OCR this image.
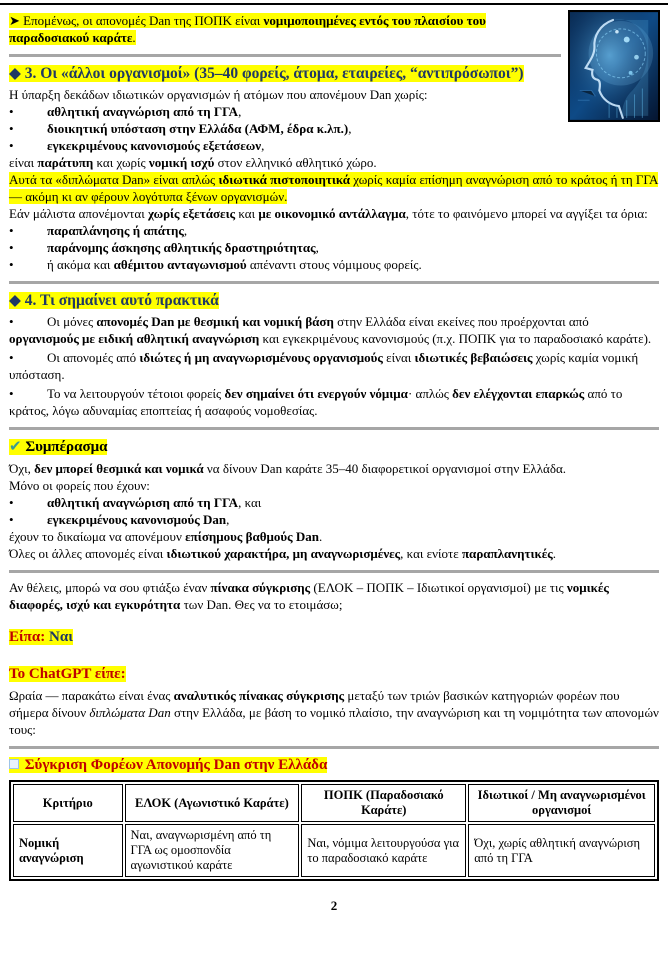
➤ Επομένως, οι απονομές Dan της ΠΟΠΚ είναι νομιμοποιημένες εντός του πλαισίου του παραδοσιακού καράτε.

◆ 3. Οι «άλλοι οργανισμοί» (35–40 φορείς, άτομα, εταιρείες, “αντιπρόσωποι”)

Η ύπαρξη δεκάδων ιδιωτικών οργανισμών ή ατόμων που απονέμουν Dan χωρίς:

•	αθλητική αναγνώριση από τη ΓΓΑ,
•	διοικητική υπόσταση στην Ελλάδα (ΑΦΜ, έδρα κ.λπ.),
•	εγκεκριμένους κανονισμούς εξετάσεων,

είναι παράτυπη και χωρίς νομική ισχύ στον ελληνικό αθλητικό χώρο.

Αυτά τα «διπλώματα Dan» είναι απλώς ιδιωτικά πιστοποιητικά χωρίς καμία επίσημη αναγνώριση από το κράτος ή τη ΓΓΑ — ακόμη κι αν φέρουν λογότυπα ξένων οργανισμών.

Εάν μάλιστα απονέμονται χωρίς εξετάσεις και με οικονομικό αντάλλαγμα, τότε το φαινόμενο μπορεί να αγγίξει τα όρια:

•	παραπλάνησης ή απάτης,
•	παράνομης άσκησης αθλητικής δραστηριότητας,
•	ή ακόμα και αθέμιτου ανταγωνισμού απέναντι στους νόμιμους φορείς.
◆ 4. Τι σημαίνει αυτό πρακτικά
•	Οι μόνες απονομές Dan με θεσμική και νομική βάση στην Ελλάδα είναι εκείνες που προέρχονται από οργανισμούς με ειδική αθλητική αναγνώριση και εγκεκριμένους κανονισμούς (π.χ. ΠΟΠΚ για το παραδοσιακό καράτε).
•	Οι απονομές από ιδιώτες ή μη αναγνωρισμένους οργανισμούς είναι ιδιωτικές βεβαιώσεις χωρίς καμία νομική υπόσταση.
•	Το να λειτουργούν τέτοιοι φορείς δεν σημαίνει ότι ενεργούν νόμιμα· απλώς δεν ελέγχονται επαρκώς από το κράτος, λόγω αδυναμίας εποπτείας ή ασαφούς νομοθεσίας.
✔ Συμπέρασμα

Όχι, δεν μπορεί θεσμικά και νομικά να δίνουν Dan καράτε 35–40 διαφορετικοί οργανισμοί στην Ελλάδα.

Μόνο οι φορείς που έχουν:

•	αθλητική αναγνώριση από τη ΓΓΑ, και
•	εγκεκριμένους κανονισμούς Dan,

έχουν το δικαίωμα να απονέμουν επίσημους βαθμούς Dan.

Όλες οι άλλες απονομές είναι ιδιωτικού χαρακτήρα, μη αναγνωρισμένες, και ενίοτε παραπλανητικές.

Αν θέλεις, μπορώ να σου φτιάξω έναν πίνακα σύγκρισης (ΕΛΟΚ – ΠΟΠΚ – Ιδιωτικοί οργανισμοί) με τις νομικές διαφορές, ισχύ και εγκυρότητα των Dan. Θες να το ετοιμάσω;

Είπα: Ναι
Το ChatGPT είπε:

Ωραία — παρακάτω είναι ένας αναλυτικός πίνακας σύγκρισης μεταξύ των τριών βασικών κατηγοριών φορέων που σήμερα δίνουν διπλώματα Dan στην Ελλάδα, με βάση το νομικό πλαίσιο, την αναγνώριση και τη νομιμότητα των απονομών τους:

Σύγκριση Φορέων Απονομής Dan στην Ελλάδα
Κριτήριο	ΕΛΟΚ (Αγωνιστικό Καράτε)	ΠΟΠΚ (Παραδοσιακό Καράτε)	Ιδιωτικοί / Μη αναγνωρισμένοι οργανισμοί
Νομική αναγνώριση	Ναι, αναγνωρισμένη από τη ΓΓΑ ως ομοσπονδία αγωνιστικού καράτε	Ναι, νόμιμα λειτουργούσα για το παραδοσιακό καράτε	Όχι, χωρίς αθλητική αναγνώριση από τη ΓΓΑ
2
